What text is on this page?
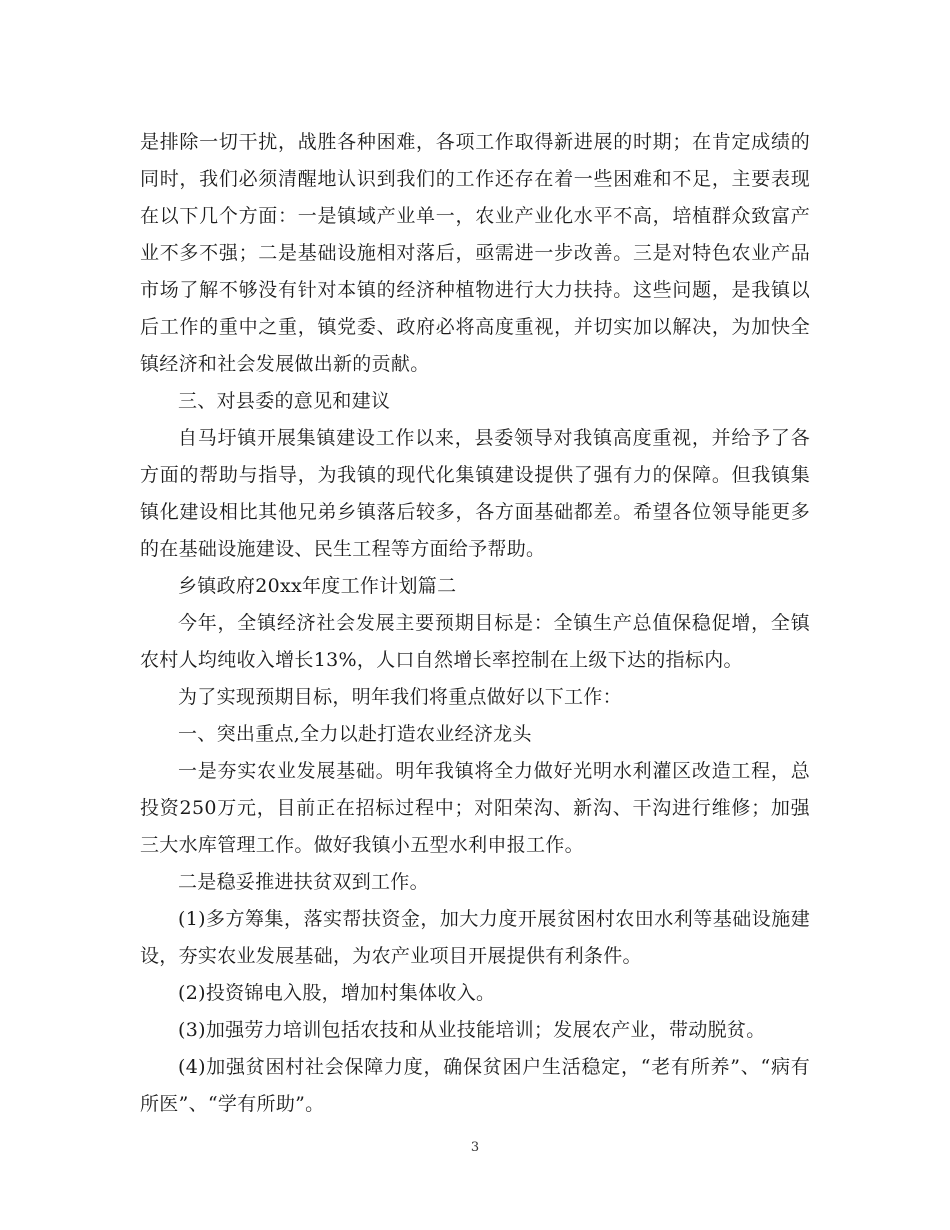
是排除一切干扰，战胜各种困难，各项工作取得新进展的时期；在肯定成绩的同时，我们必须清醒地认识到我们的工作还存在着一些困难和不足，主要表现在以下几个方面：一是镇域产业单一，农业产业化水平不高，培植群众致富产业不多不强；二是基础设施相对落后，亟需进一步改善。三是对特色农业产品市场了解不够没有针对本镇的经济种植物进行大力扶持。这些问题，是我镇以后工作的重中之重，镇党委、政府必将高度重视，并切实加以解决，为加快全镇经济和社会发展做出新的贡献。

三、对县委的意见和建议

自马圩镇开展集镇建设工作以来，县委领导对我镇高度重视，并给予了各方面的帮助与指导，为我镇的现代化集镇建设提供了强有力的保障。但我镇集镇化建设相比其他兄弟乡镇落后较多，各方面基础都差。希望各位领导能更多的在基础设施建设、民生工程等方面给予帮助。

乡镇政府20xx年度工作计划篇二

今年，全镇经济社会发展主要预期目标是：全镇生产总值保稳促增，全镇农村人均纯收入增长13%，人口自然增长率控制在上级下达的指标内。

为了实现预期目标，明年我们将重点做好以下工作：

一、突出重点,全力以赴打造农业经济龙头

一是夯实农业发展基础。明年我镇将全力做好光明水利灌区改造工程，总投资250万元，目前正在招标过程中；对阳荣沟、新沟、干沟进行维修；加强三大水库管理工作。做好我镇小五型水利申报工作。

二是稳妥推进扶贫双到工作。

(1)多方筹集，落实帮扶资金，加大力度开展贫困村农田水利等基础设施建设，夯实农业发展基础，为农产业项目开展提供有利条件。

(2)投资锦电入股，增加村集体收入。

(3)加强劳力培训包括农技和从业技能培训；发展农产业，带动脱贫。

(4)加强贫困村社会保障力度，确保贫困户生活稳定，“老有所养”、“病有所医”、“学有所助”。

3
